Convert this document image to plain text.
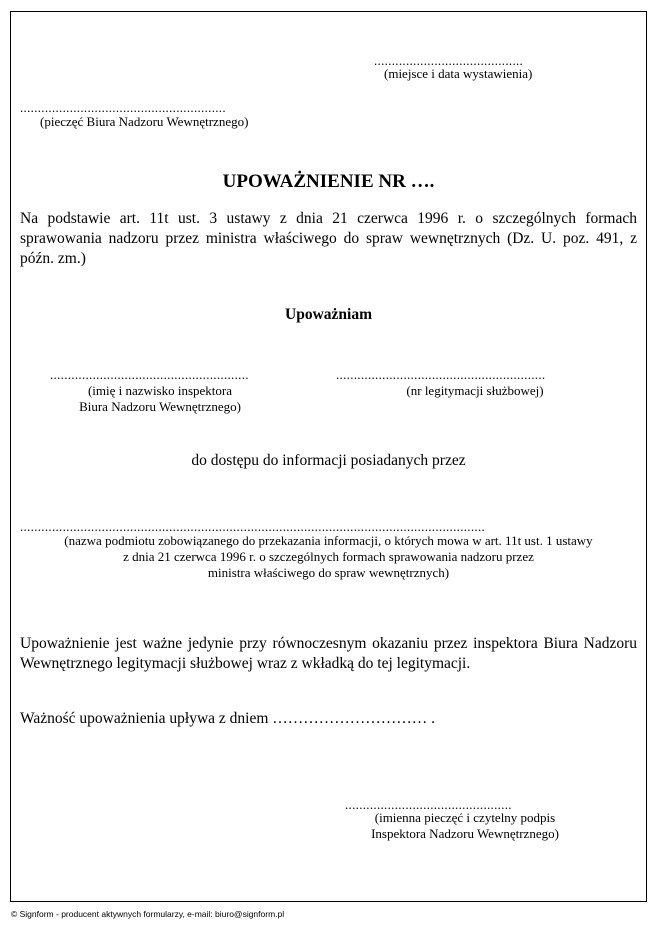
..........................................
(miejsce i data wystawienia)
..........................................................
(pieczęć Biura Nadzoru Wewnętrznego)
UPOWAŻNIENIE NR ….
Na podstawie art. 11t ust. 3 ustawy z dnia 21 czerwca 1996 r. o szczególnych formach sprawowania nadzoru przez ministra właściwego do spraw wewnętrznych (Dz. U. poz. 491, z późn. zm.)
Upoważniam
........................................................
(imię i nazwisko inspektora
Biura Nadzoru Wewnętrznego)
...........................................................
(nr legitymacji służbowej)
do dostępu do informacji posiadanych przez
...................................................................................................................................
(nazwa podmiotu zobowiązanego do przekazania informacji, o których mowa w art. 11t ust. 1 ustawy
z dnia 21 czerwca 1996 r. o szczególnych formach sprawowania nadzoru przez
ministra właściwego do spraw wewnętrznych)
Upoważnienie jest ważne jedynie przy równoczesnym okazaniu przez inspektora Biura Nadzoru Wewnętrznego legitymacji służbowej wraz z wkładką do tej legitymacji.
Ważność upoważnienia upływa z dniem ………………………… .
...............................................
(imienna pieczęć i czytelny podpis
Inspektora Nadzoru Wewnętrznego)
© Signform - producent aktywnych formularzy, e-mail: biuro@signform.pl
